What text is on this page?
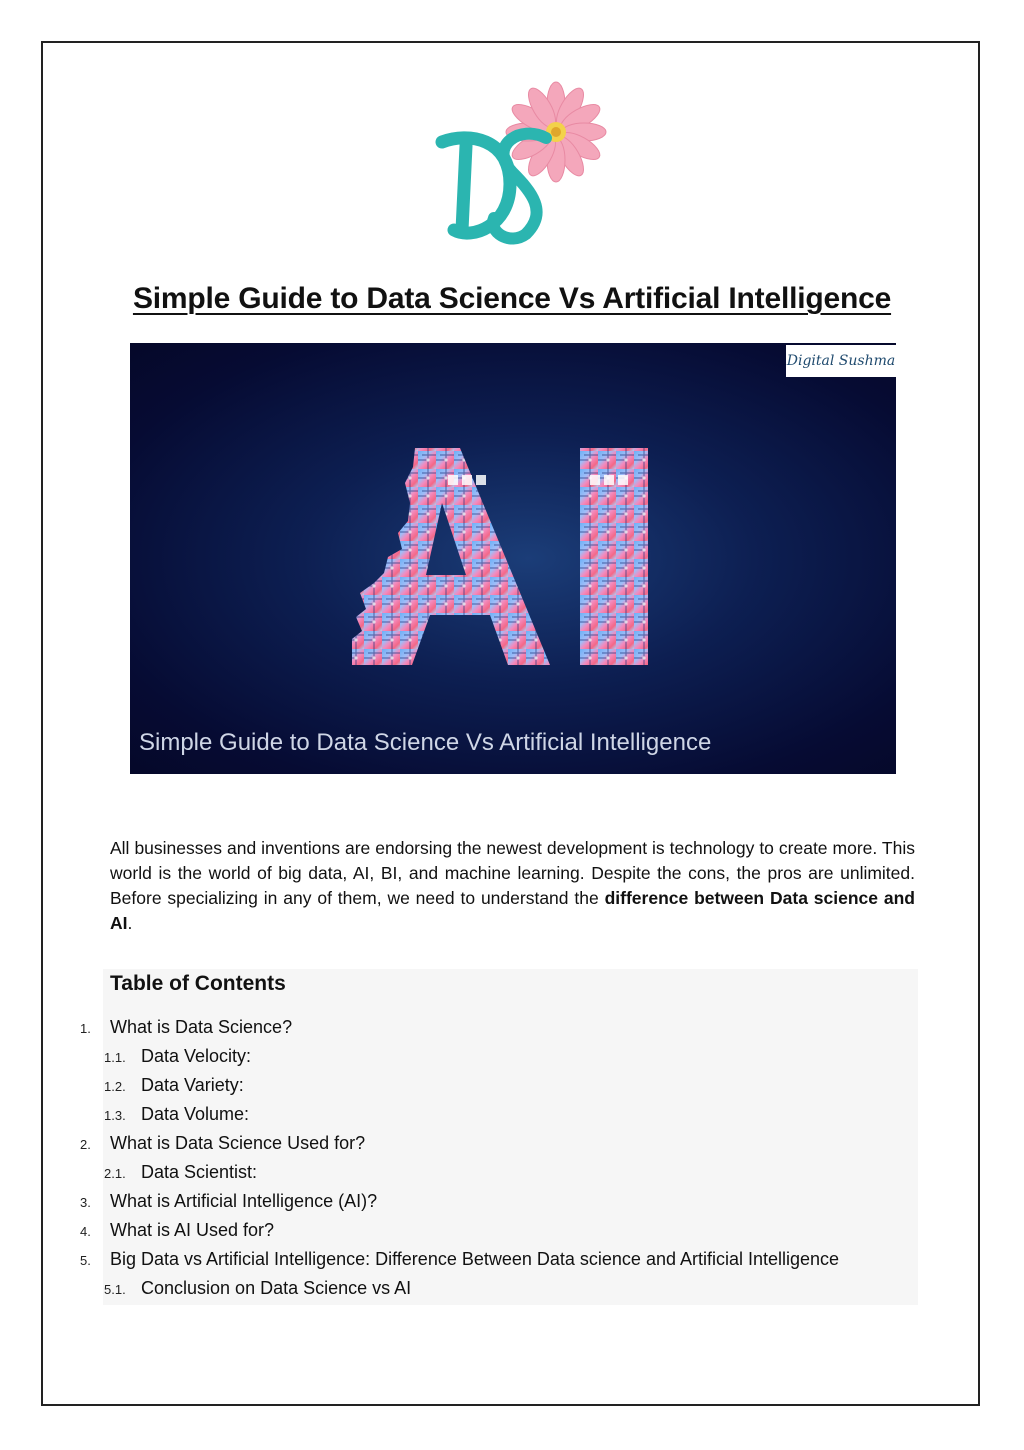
Simple Guide to Data Science Vs Artificial Intelligence
Digital Sushma
Simple Guide to Data Science Vs Artificial Intelligence
All businesses and inventions are endorsing the newest development is technology to create more. This world is the world of big data, AI, BI, and machine learning. Despite the cons, the pros are unlimited. Before specializing in any of them, we need to understand the difference between Data science and AI.
Table of Contents
1. What is Data Science?
1.1. Data Velocity:
1.2. Data Variety:
1.3. Data Volume:
2. What is Data Science Used for?
2.1. Data Scientist:
3. What is Artificial Intelligence (AI)?
4. What is AI Used for?
5. Big Data vs Artificial Intelligence: Difference Between Data science and Artificial Intelligence
5.1. Conclusion on Data Science vs AI
